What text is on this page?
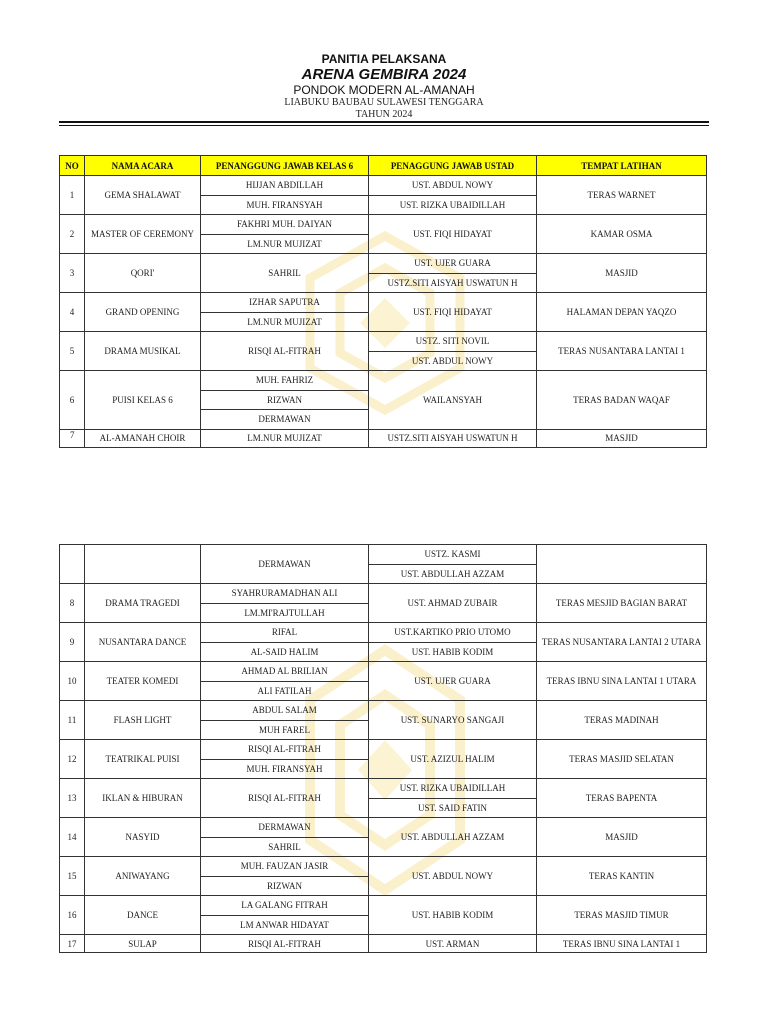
PANITIA PELAKSANA
ARENA GEMBIRA 2024
PONDOK MODERN AL-AMANAH
LIABUKU BAUBAU SULAWESI TENGGARA
TAHUN 2024
NO	NAMA ACARA	PENANGGUNG JAWAB KELAS 6	PENAGGUNG JAWAB USTAD	TEMPAT LATIHAN
1	GEMA SHALAWAT	HIJJAN ABDILLAH	UST. ABDUL NOWY	TERAS WARNET
		MUH. FIRANSYAH	UST. RIZKA UBAIDILLAH	
2	MASTER OF CEREMONY	FAKHRI MUH. DAIYAN	UST. FIQI HIDAYAT	KAMAR OSMA
		LM.NUR MUJIZAT		
3	QORI'	SAHRIL	UST. UJER GUARA	MASJID
			USTZ.SITI AISYAH USWATUN H	
4	GRAND OPENING	IZHAR SAPUTRA	UST. FIQI HIDAYAT	HALAMAN DEPAN YAQZO
		LM.NUR MUJIZAT		
5	DRAMA MUSIKAL	RISQI AL-FITRAH	USTZ. SITI NOVIL	TERAS NUSANTARA LANTAI 1
			UST. ABDUL NOWY	
6	PUISI KELAS 6	MUH. FAHRIZ	WAILANSYAH	TERAS BADAN WAQAF
		RIZWAN		
		DERMAWAN		
7	AL-AMANAH CHOIR	LM.NUR MUJIZAT	USTZ.SITI AISYAH USWATUN H	MASJID

		DERMAWAN	USTZ. KASMI	
			UST. ABDULLAH AZZAM	
8	DRAMA TRAGEDI	SYAHRURAMADHAN ALI	UST. AHMAD ZUBAIR	TERAS MESJID BAGIAN BARAT
		LM.MI'RAJTULLAH		
9	NUSANTARA DANCE	RIFAL	UST.KARTIKO PRIO UTOMO	TERAS NUSANTARA LANTAI 2 UTARA
		AL-SAID HALIM	UST. HABIB KODIM	
10	TEATER KOMEDI	AHMAD AL BRILIAN	UST. UJER GUARA	TERAS IBNU SINA LANTAI 1 UTARA
		ALI FATILAH		
11	FLASH LIGHT	ABDUL SALAM	UST. SUNARYO SANGAJI	TERAS MADINAH
		MUH FAREL		
12	TEATRIKAL PUISI	RISQI AL-FITRAH	UST. AZIZUL HALIM	TERAS MASJID SELATAN
		MUH. FIRANSYAH		
13	IKLAN & HIBURAN	RISQI AL-FITRAH	UST. RIZKA UBAIDILLAH	TERAS BAPENTA
			UST. SAID FATIN	
14	NASYID	DERMAWAN	UST. ABDULLAH AZZAM	MASJID
		SAHRIL		
15	ANIWAYANG	MUH. FAUZAN JASIR	UST. ABDUL NOWY	TERAS KANTIN
		RIZWAN		
16	DANCE	LA GALANG FITRAH	UST. HABIB KODIM	TERAS MASJID TIMUR
		LM ANWAR HIDAYAT		
17	SULAP	RISQI AL-FITRAH	UST. ARMAN	TERAS IBNU SINA LANTAI 1
